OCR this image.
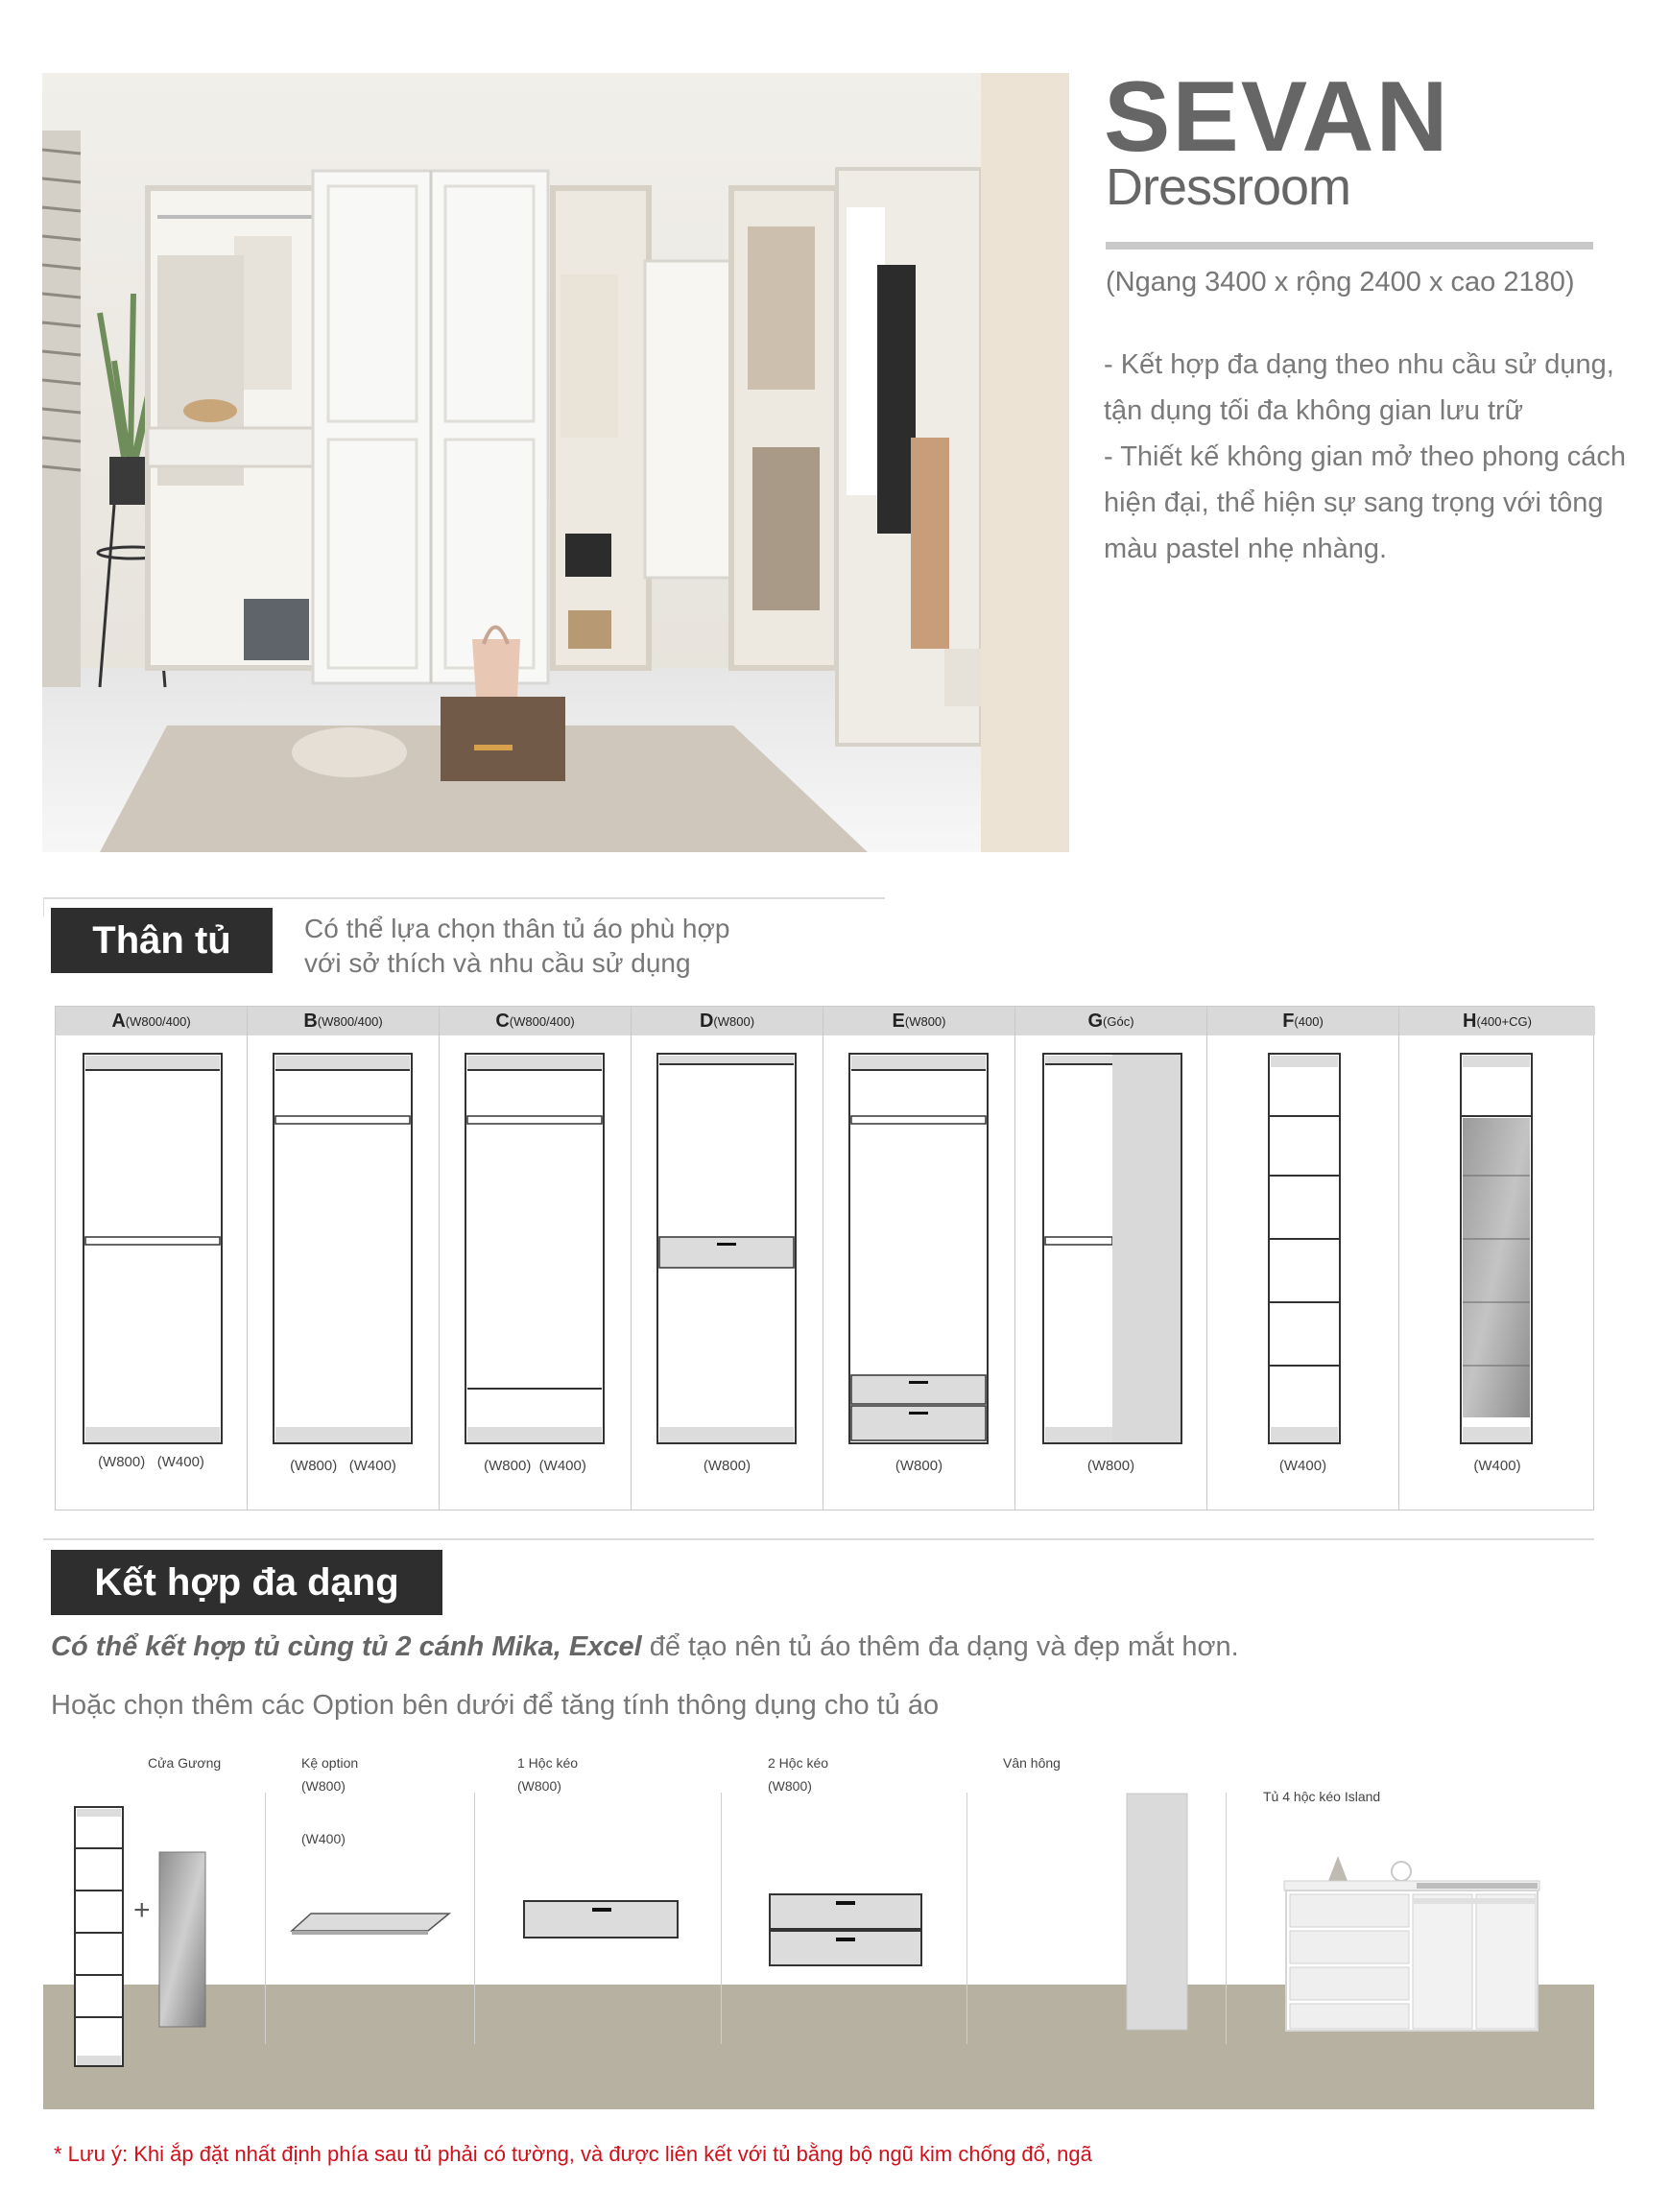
SEVAN
Dressroom
(Ngang 3400 x rộng 2400 x cao 2180)
- Kết hợp đa dạng theo nhu cầu sử dụng,
tận dụng tối đa không gian lưu trữ
- Thiết kế không gian mở theo phong cách
hiện đại, thể hiện sự sang trọng với tông
màu pastel nhẹ nhàng.
Thân tủ	Có thể lựa chọn thân tủ áo phù hợp
với sở thích và nhu cầu sử dụng
A (W800/400)
(W800)   (W400)
B (W800/400)
(W800)   (W400)
C (W800/400)
(W800)  (W400)
D (W800)
(W800)
E (W800)
(W800)
G (Góc)
(W800)
F (400)
(W400)
H (400+CG)
(W400)
Kết hợp đa dạng
Có thể kết hợp tủ cùng tủ 2 cánh Mika, Excel để tạo nên tủ áo thêm đa dạng và đẹp mắt hơn.
Hoặc chọn thêm các Option bên dưới để tăng tính thông dụng cho tủ áo
Cửa Gương
+
Kệ option
(W800)
(W400)
1 Hộc kéo
(W800)
2 Hộc kéo
(W800)
Vân hông
Tủ 4 hộc kéo Island
* Lưu ý: Khi ắp đặt nhất định phía sau tủ phải có tường, và được liên kết với tủ bằng bộ ngũ kim chống đổ, ngã
